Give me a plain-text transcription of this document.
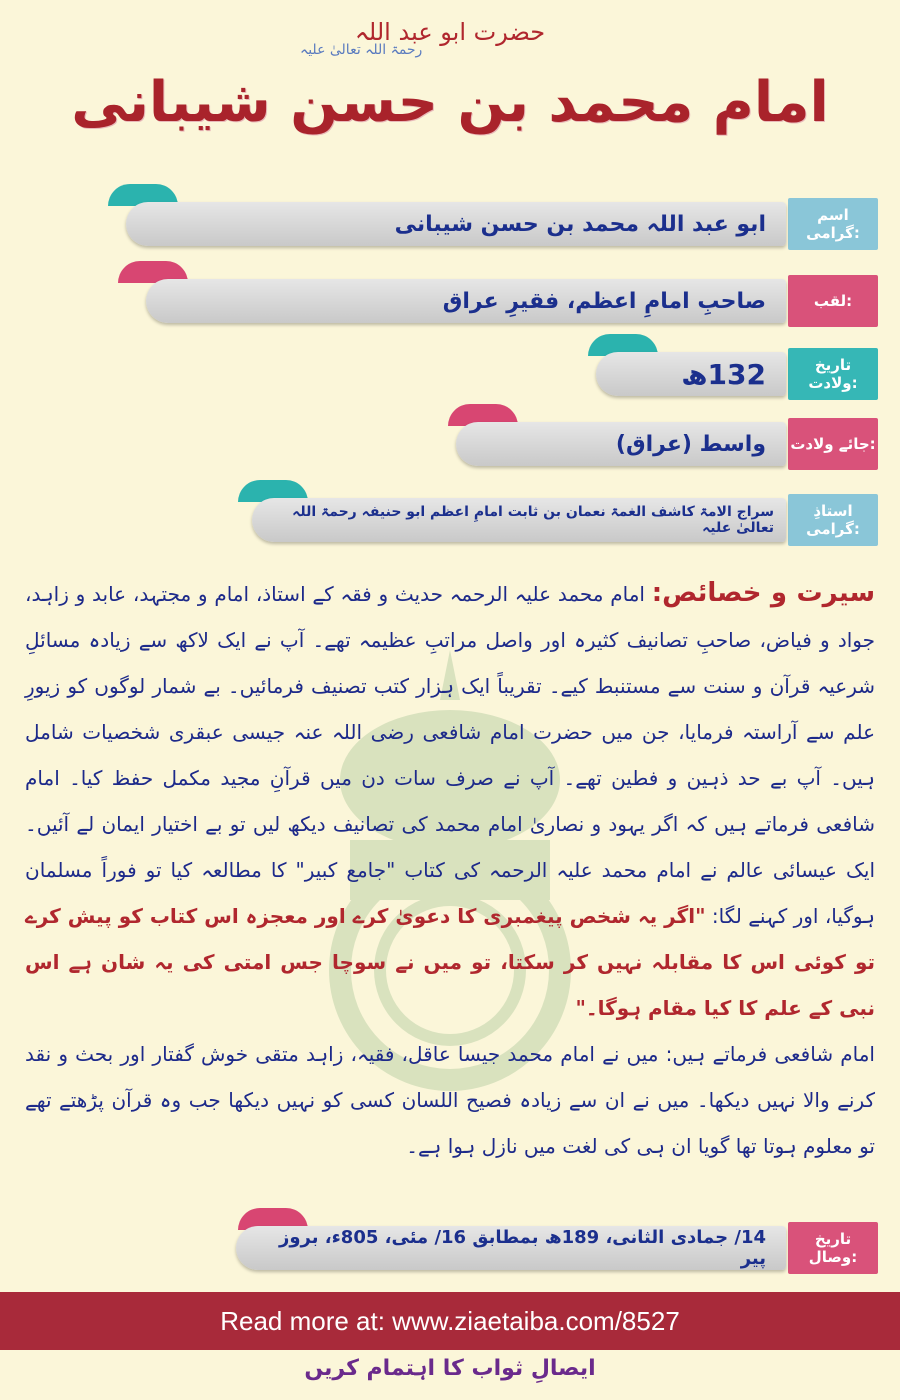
حضرت ابو عبد اللہ
رحمۃ اللہ تعالیٰ علیہ
امام محمد بن حسن شیبانی
اسم گرامی:
ابو عبد اللہ محمد بن حسن شیبانی
لقب:
صاحبِ امامِ اعظم، فقیرِ عراق
تاریخ ولادت:
132ھ
جائے ولادت:
واسط (عراق)
استاذِ گرامی:
سراج الامۃ کاشف الغمۃ نعمان بن ثابت امامِ اعظم ابو حنیفہ رحمۃ اللہ تعالیٰ علیہ
سیرت و خصائص: امام محمد علیہ الرحمہ حدیث و فقہ کے استاذ، امام و مجتہد، عابد و زاہد، جواد و فیاض، صاحبِ تصانیف کثیرہ اور واصل مراتبِ عظیمہ تھے۔ آپ نے ایک لاکھ سے زیادہ مسائلِ شرعیہ قرآن و سنت سے مستنبط کیے۔ تقریباً ایک ہزار کتب تصنیف فرمائیں۔ بے شمار لوگوں کو زیورِ علم سے آراستہ فرمایا، جن میں حضرت امام شافعی رضی اللہ عنہ جیسی عبقری شخصیات شامل ہیں۔ آپ بے حد ذہین و فطین تھے۔ آپ نے صرف سات دن میں قرآنِ مجید مکمل حفظ کیا۔ امام شافعی فرماتے ہیں کہ اگر یہود و نصاریٰ امام محمد کی تصانیف دیکھ لیں تو بے اختیار ایمان لے آئیں۔ ایک عیسائی عالم نے امام محمد علیہ الرحمہ کی کتاب "جامع کبیر" کا مطالعہ کیا تو فوراً مسلمان ہوگیا، اور کہنے لگا: "اگر یہ شخص پیغمبری کا دعویٰ کرے اور معجزہ اس کتاب کو پیش کرے تو کوئی اس کا مقابلہ نہیں کر سکتا، تو میں نے سوچا جس امتی کی یہ شان ہے اس نبی کے علم کا کیا مقام ہوگا۔"
امام شافعی فرماتے ہیں: میں نے امام محمد جیسا عاقل، فقیہ، زاہد متقی خوش گفتار اور بحث و نقد کرنے والا نہیں دیکھا۔ میں نے ان سے زیادہ فصیح اللسان کسی کو نہیں دیکھا جب وہ قرآن پڑھتے تھے تو معلوم ہوتا تھا گویا ان ہی کی لغت میں نازل ہوا ہے۔
تاریخ وصال:
14/ جمادی الثانی، 189ھ بمطابق 16/ مئی، 805ء، بروز پیر
Read more at: www.ziaetaiba.com/8527
ایصالِ ثواب کا اہتمام کریں
